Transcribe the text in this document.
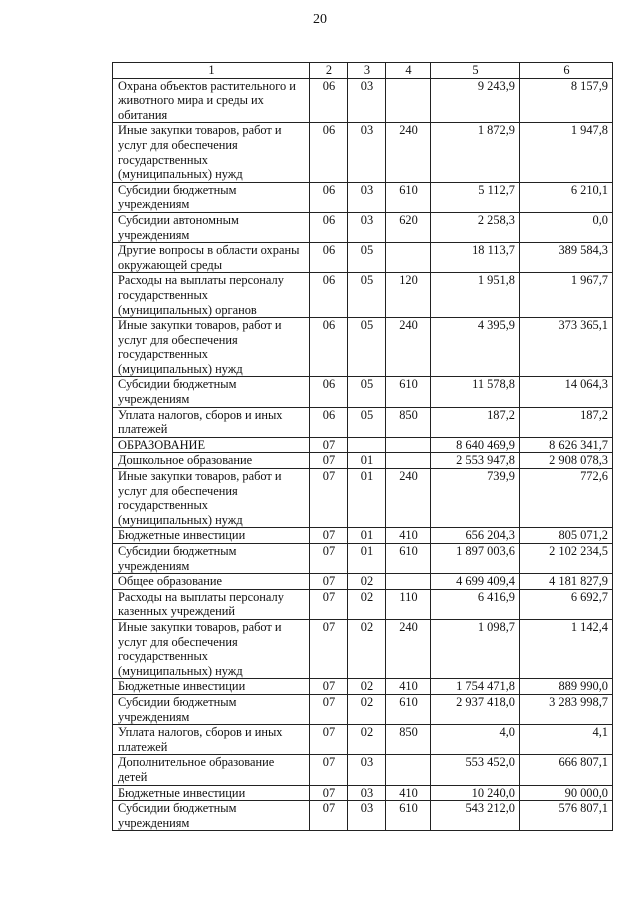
20
1	2	3	4	5	6
Охрана объектов растительного и животного мира и среды их обитания	06	03		9 243,9	8 157,9
Иные закупки товаров, работ и услуг для обеспечения государственных (муниципальных) нужд	06	03	240	1 872,9	1 947,8
Субсидии бюджетным учреждениям	06	03	610	5 112,7	6 210,1
Субсидии автономным учреждениям	06	03	620	2 258,3	0,0
Другие вопросы в области охраны окружающей среды	06	05		18 113,7	389 584,3
Расходы на выплаты персоналу государственных (муниципальных) органов	06	05	120	1 951,8	1 967,7
Иные закупки товаров, работ и услуг для обеспечения государственных (муниципальных) нужд	06	05	240	4 395,9	373 365,1
Субсидии бюджетным учреждениям	06	05	610	11 578,8	14 064,3
Уплата налогов, сборов и иных платежей	06	05	850	187,2	187,2
ОБРАЗОВАНИЕ	07			8 640 469,9	8 626 341,7
Дошкольное образование	07	01		2 553 947,8	2 908 078,3
Иные закупки товаров, работ и услуг для обеспечения государственных (муниципальных) нужд	07	01	240	739,9	772,6
Бюджетные инвестиции	07	01	410	656 204,3	805 071,2
Субсидии бюджетным учреждениям	07	01	610	1 897 003,6	2 102 234,5
Общее образование	07	02		4 699 409,4	4 181 827,9
Расходы на выплаты персоналу казенных учреждений	07	02	110	6 416,9	6 692,7
Иные закупки товаров, работ и услуг для обеспечения государственных (муниципальных) нужд	07	02	240	1 098,7	1 142,4
Бюджетные инвестиции	07	02	410	1 754 471,8	889 990,0
Субсидии бюджетным учреждениям	07	02	610	2 937 418,0	3 283 998,7
Уплата налогов, сборов и иных платежей	07	02	850	4,0	4,1
Дополнительное образование детей	07	03		553 452,0	666 807,1
Бюджетные инвестиции	07	03	410	10 240,0	90 000,0
Субсидии бюджетным учреждениям	07	03	610	543 212,0	576 807,1
